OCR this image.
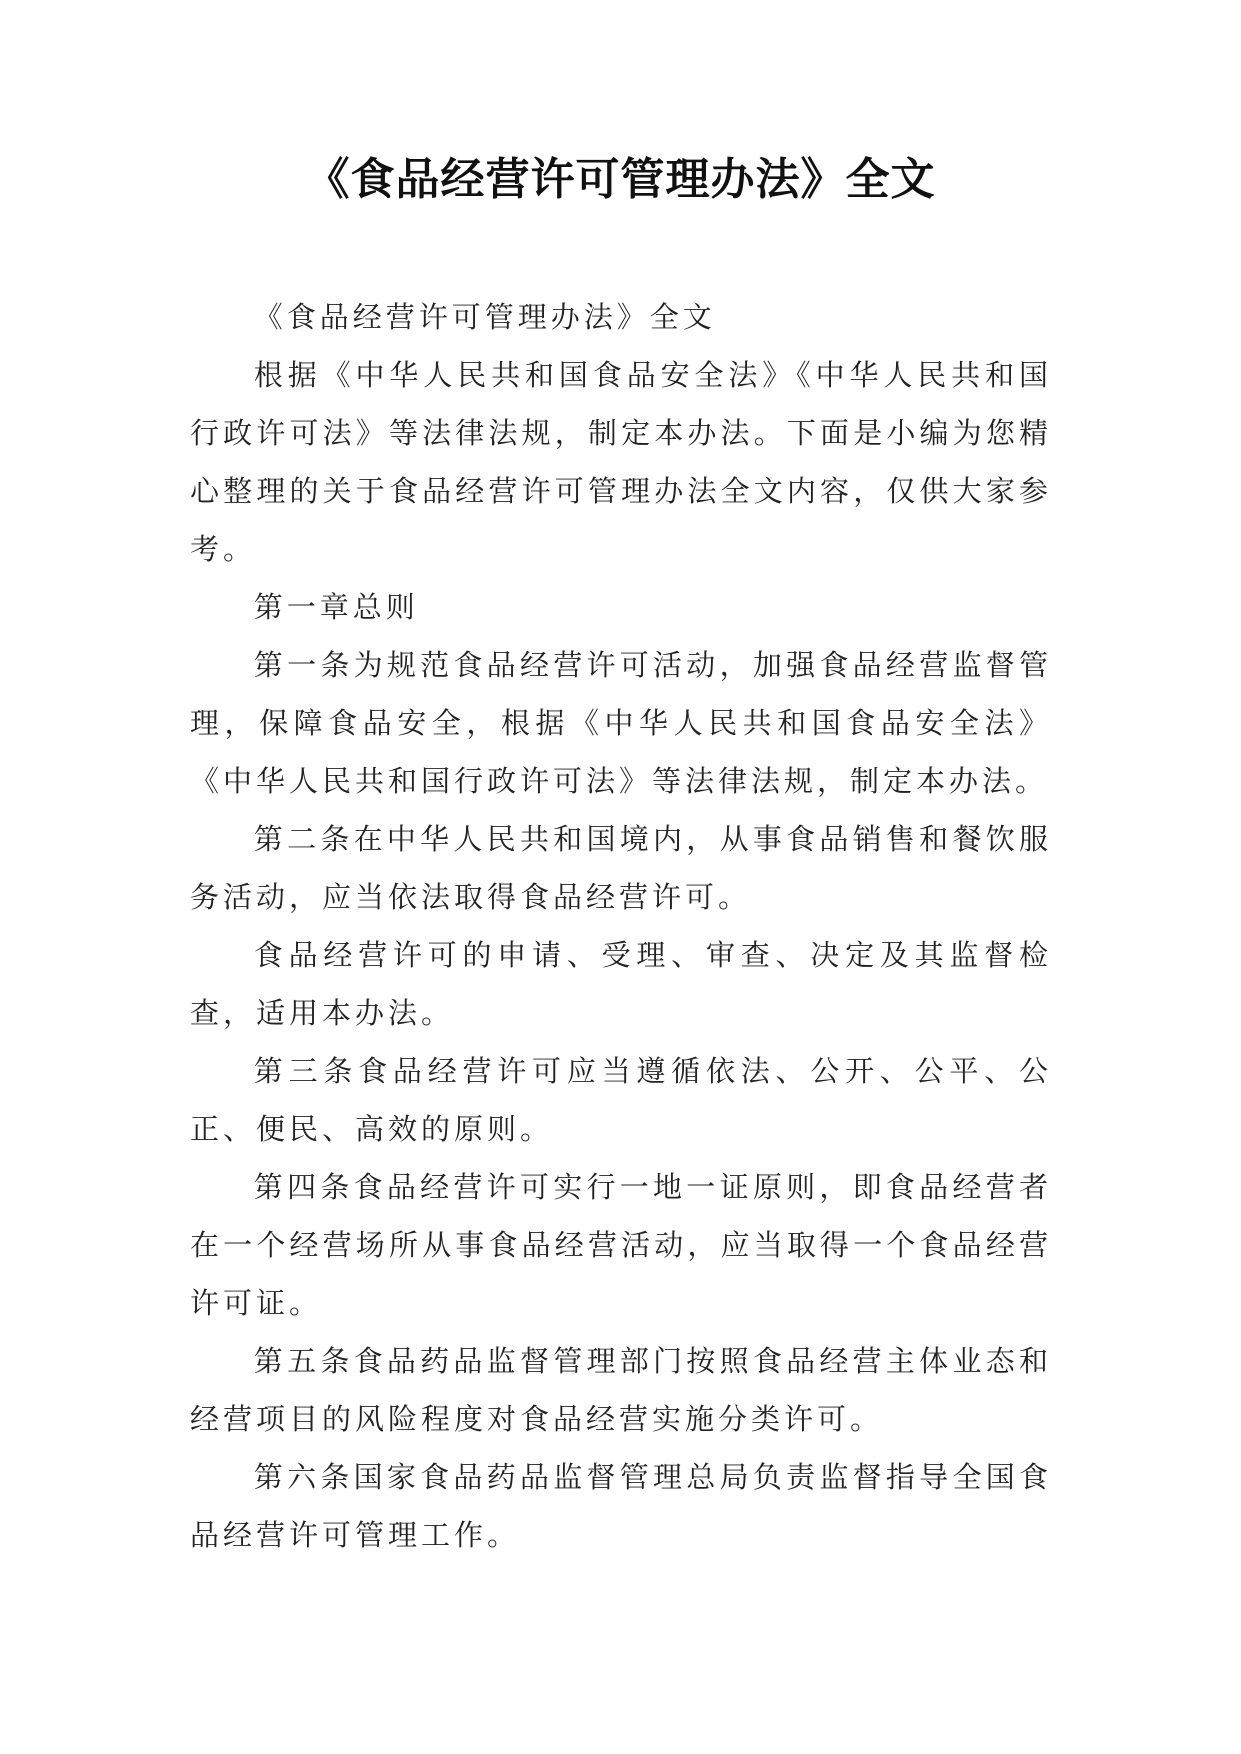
《食品经营许可管理办法》全文

《食品经营许可管理办法》全文

根据《中华人民共和国食品安全法》《中华人民共和国行政许可法》等法律法规，制定本办法。下面是小编为您精心整理的关于食品经营许可管理办法全文内容，仅供大家参考。

第一章总则

第一条为规范食品经营许可活动，加强食品经营监督管理，保障食品安全，根据《中华人民共和国食品安全法》《中华人民共和国行政许可法》等法律法规，制定本办法。

第二条在中华人民共和国境内，从事食品销售和餐饮服务活动，应当依法取得食品经营许可。

食品经营许可的申请、受理、审查、决定及其监督检查，适用本办法。

第三条食品经营许可应当遵循依法、公开、公平、公正、便民、高效的原则。

第四条食品经营许可实行一地一证原则，即食品经营者在一个经营场所从事食品经营活动，应当取得一个食品经营许可证。

第五条食品药品监督管理部门按照食品经营主体业态和经营项目的风险程度对食品经营实施分类许可。

第六条国家食品药品监督管理总局负责监督指导全国食品经营许可管理工作。
